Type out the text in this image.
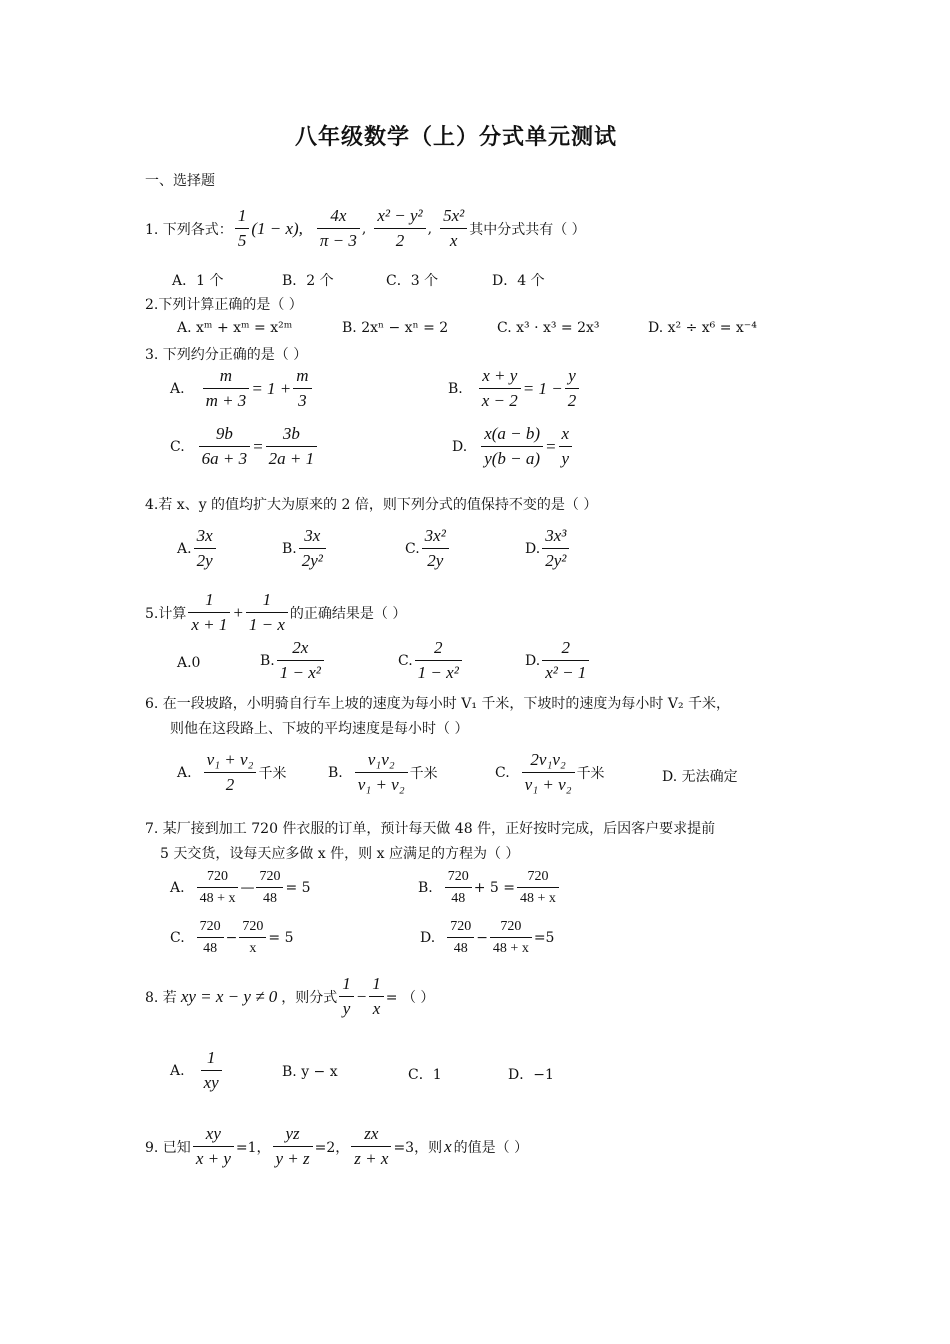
八年级数学（上）分式单元测试
一、选择题
1. 下列各式： $\frac{1}{5} (1 - x)$, $\frac{4x}{\pi - 3}$ , $\frac{\text{x² − y²}}{2}$ , $\frac{\text{5x²}}{x}$ 其中分式共有（ ）
A．1 个	B．2 个	C．3 个	D．4 个
2.下列计算正确的是（ ）
A. xᵐ + xᵐ = x²ᵐ	B. 2xⁿ − xⁿ = 2	C. x³ · x³ = 2x³	D. x² ÷ x⁶ = x⁻⁴
3. 下列约分正确的是（ ）
A. $\frac{m}{m + 3} = 1 + \frac{m}{3}$	B. $\frac{x + y}{x - 2} = 1 - \frac{y}{2}$
C. $\frac{9b}{6a + 3} = \frac{3b}{2a + 1}$	D. $\frac{x(a - b)}{y(b - a)} = \frac{x}{y}$
4.若 x、y 的值均扩大为原来的 2 倍，则下列分式的值保持不变的是（ ）
A. $\frac{3x}{2y}$	B. $\frac{3x}{\text{2y²}}$	C. $\frac{\text{3x²}}{2y}$	D. $\frac{\text{3x³}}{\text{2y²}}$
5.计算 $\frac{1}{x + 1} + \frac{1}{1 - x}$ 的正确结果是（ ）
A.0	B. $\frac{2x}{\text{1 − x²}}$	C. $\frac{2}{\text{1 − x²}}$	D. $\frac{2}{\text{x² − 1}}$
6. 在一段坡路，小明骑自行车上坡的速度为每小时 V₁ 千米，下坡时的速度为每小时 V₂ 千米，
则他在这段路上、下坡的平均速度是每小时（ ）
A. $\frac{\text{v₁ + v₂}}{2}$ 千米	B. $\frac{\text{v₁v₂}}{\text{v₁ + v₂}}$ 千米	C. $\frac{\text{2v₁v₂}}{\text{v₁ + v₂}}$ 千米	D. 无法确定
7. 某厂接到加工 720 件衣服的订单，预计每天做 48 件，正好按时完成，后因客户要求提前
5 天交货，设每天应多做 x 件，则 x 应满足的方程为（ ）
A. $\frac{720}{48 + x}$ — $\frac{720}{48} = 5$	B. $\frac{720}{48} + 5 = \frac{720}{48 + x}$
C. $\frac{720}{48} - \frac{720}{x} = 5$	D. $\frac{720}{48} - \frac{720}{48 + x} =5$
8. 若 xy = x − y ≠ 0 ，则分式 $\frac{1}{y} - \frac{1}{x}$ = （ ）
A. $\frac{1}{xy}$	B. y − x	C．1	D．−1
9. 已知 $\frac{xy}{x + y} =1$， $\frac{yz}{y + z} =2$， $\frac{zx}{z + x} =3$，则 x 的值是（ ）
